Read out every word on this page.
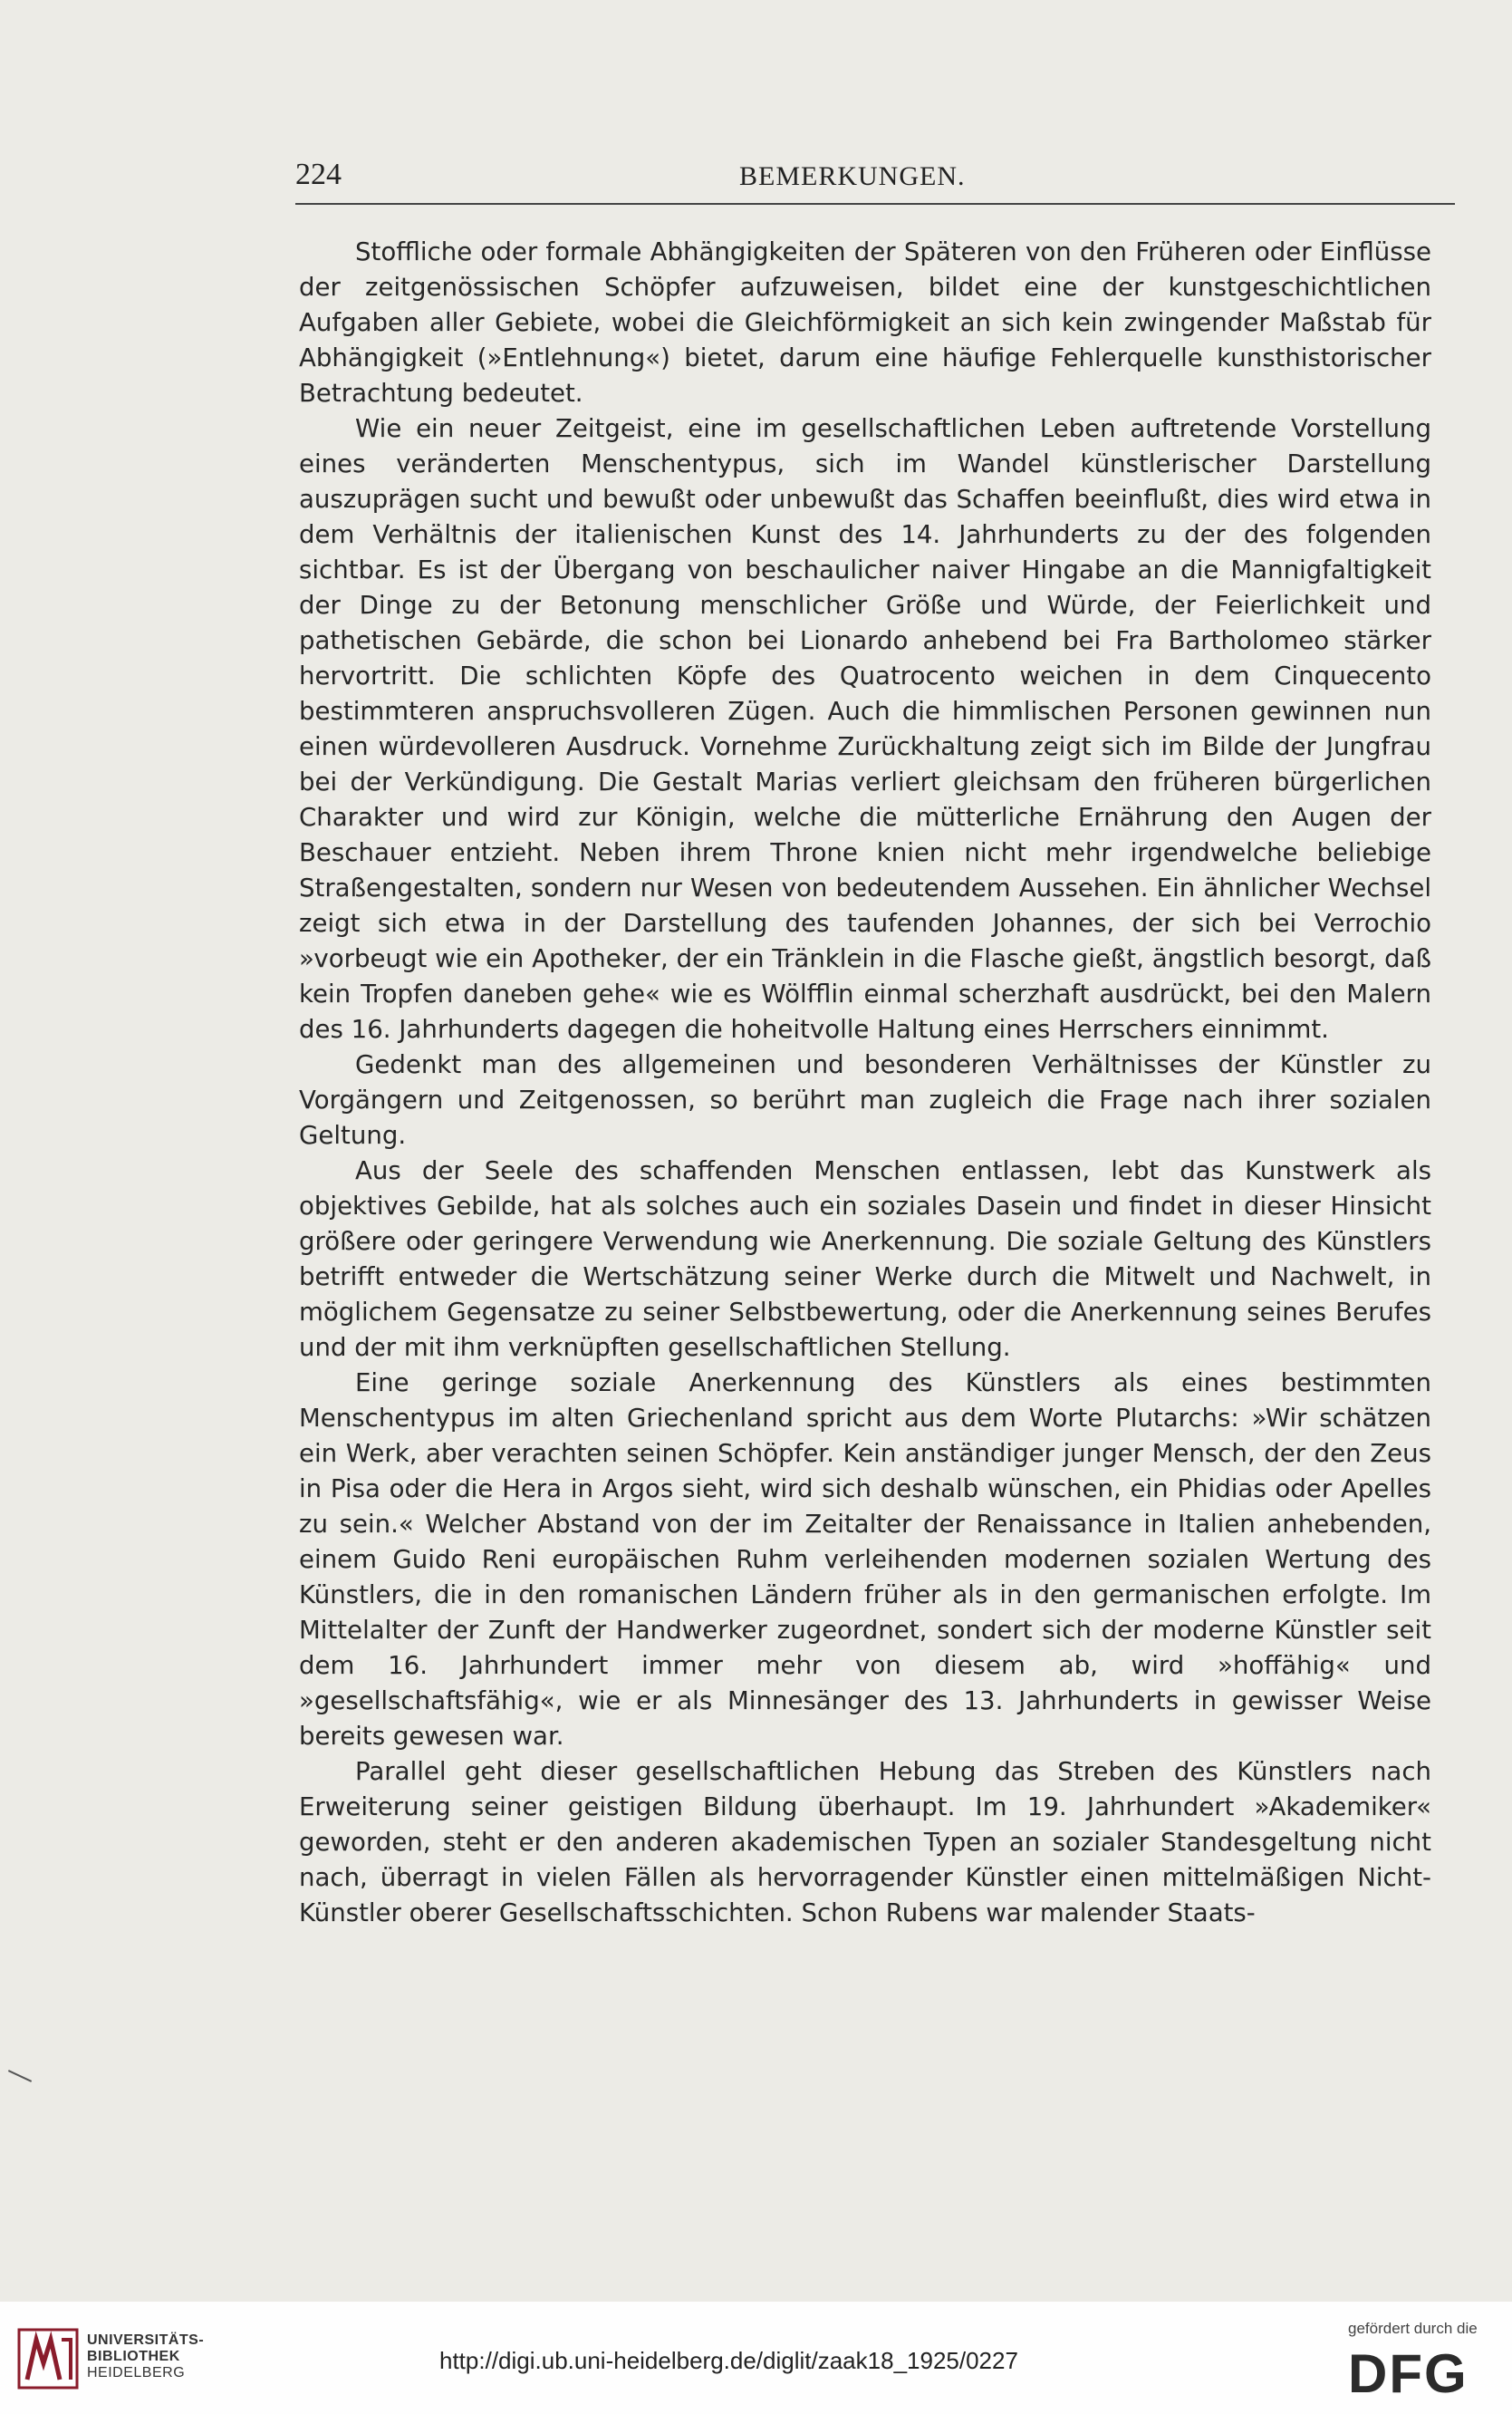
224	BEMERKUNGEN.

Stoffliche oder formale Abhängigkeiten der Späteren von den Früheren oder Einflüsse der zeitgenössischen Schöpfer aufzuweisen, bildet eine der kunstgeschichtlichen Aufgaben aller Gebiete, wobei die Gleichförmigkeit an sich kein zwingender Maßstab für Abhängigkeit (»Entlehnung«) bietet, darum eine häufige Fehlerquelle kunsthistorischer Betrachtung bedeutet.

Wie ein neuer Zeitgeist, eine im gesellschaftlichen Leben auftretende Vorstellung eines veränderten Menschentypus, sich im Wandel künstlerischer Darstellung auszuprägen sucht und bewußt oder unbewußt das Schaffen beeinflußt, dies wird etwa in dem Verhältnis der italienischen Kunst des 14. Jahrhunderts zu der des folgenden sichtbar. Es ist der Übergang von beschaulicher naiver Hingabe an die Mannigfaltigkeit der Dinge zu der Betonung menschlicher Größe und Würde, der Feierlichkeit und pathetischen Gebärde, die schon bei Lionardo anhebend bei Fra Bartholomeo stärker hervortritt. Die schlichten Köpfe des Quatrocento weichen in dem Cinquecento bestimmteren anspruchsvolleren Zügen. Auch die himmlischen Personen gewinnen nun einen würdevolleren Ausdruck. Vornehme Zurückhaltung zeigt sich im Bilde der Jungfrau bei der Verkündigung. Die Gestalt Marias verliert gleichsam den früheren bürgerlichen Charakter und wird zur Königin, welche die mütterliche Ernährung den Augen der Beschauer entzieht. Neben ihrem Throne knien nicht mehr irgendwelche beliebige Straßengestalten, sondern nur Wesen von bedeutendem Aussehen. Ein ähnlicher Wechsel zeigt sich etwa in der Darstellung des taufenden Johannes, der sich bei Verrochio »vorbeugt wie ein Apotheker, der ein Tränklein in die Flasche gießt, ängstlich besorgt, daß kein Tropfen daneben gehe« wie es Wölfflin einmal scherzhaft ausdrückt, bei den Malern des 16. Jahrhunderts dagegen die hoheitvolle Haltung eines Herrschers einnimmt.

Gedenkt man des allgemeinen und besonderen Verhältnisses der Künstler zu Vorgängern und Zeitgenossen, so berührt man zugleich die Frage nach ihrer sozialen Geltung.

Aus der Seele des schaffenden Menschen entlassen, lebt das Kunstwerk als objektives Gebilde, hat als solches auch ein soziales Dasein und findet in dieser Hinsicht größere oder geringere Verwendung wie Anerkennung. Die soziale Geltung des Künstlers betrifft entweder die Wertschätzung seiner Werke durch die Mitwelt und Nachwelt, in möglichem Gegensatze zu seiner Selbstbewertung, oder die Anerkennung seines Berufes und der mit ihm verknüpften gesellschaftlichen Stellung.

Eine geringe soziale Anerkennung des Künstlers als eines bestimmten Menschentypus im alten Griechenland spricht aus dem Worte Plutarchs: »Wir schätzen ein Werk, aber verachten seinen Schöpfer. Kein anständiger junger Mensch, der den Zeus in Pisa oder die Hera in Argos sieht, wird sich deshalb wünschen, ein Phidias oder Apelles zu sein.« Welcher Abstand von der im Zeitalter der Renaissance in Italien anhebenden, einem Guido Reni europäischen Ruhm verleihenden modernen sozialen Wertung des Künstlers, die in den romanischen Ländern früher als in den germanischen erfolgte. Im Mittelalter der Zunft der Handwerker zugeordnet, sondert sich der moderne Künstler seit dem 16. Jahrhundert immer mehr von diesem ab, wird »hoffähig« und »gesellschaftsfähig«, wie er als Minnesänger des 13. Jahrhunderts in gewisser Weise bereits gewesen war.

Parallel geht dieser gesellschaftlichen Hebung das Streben des Künstlers nach Erweiterung seiner geistigen Bildung überhaupt. Im 19. Jahrhundert »Akademiker« geworden, steht er den anderen akademischen Typen an sozialer Standesgeltung nicht nach, überragt in vielen Fällen als hervorragender Künstler einen mittelmäßigen Nicht-Künstler oberer Gesellschaftsschichten. Schon Rubens war malender Staats-

UNIVERSITÄTS-
BIBLIOTHEK
HEIDELBERG	http://digi.ub.uni-heidelberg.de/diglit/zaak18_1925/0227
gefördert durch die
DFG
